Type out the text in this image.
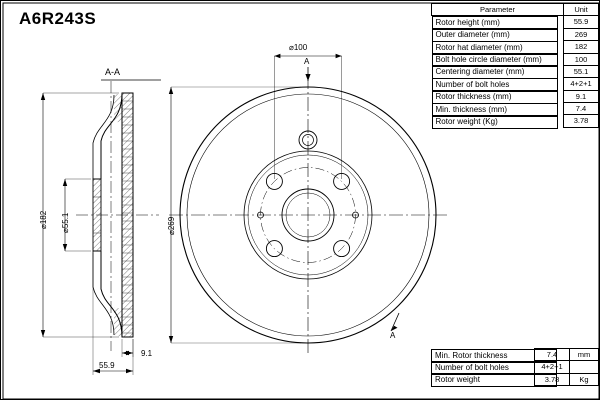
A6R243S
A-A
A
A
⌀100
⌀269
⌀182 ⌀55.1
9.1
55.9
Parameter	Unit

Rotor height (mm)	55.9

Outer diameter (mm)	269

Rotor hat diameter (mm)	182

Bolt hole circle diameter (mm)	100

Centering diameter (mm)	55.1

Number of bolt holes	4+2+1

Rotor thickness (mm)	9.1

Min. thickness (mm)	7.4

Rotor weight (Kg)	3.78
Min. Rotor thickness	7.4	mm

Number of bolt holes	4+2+1	

Rotor weight	3.78	Kg
